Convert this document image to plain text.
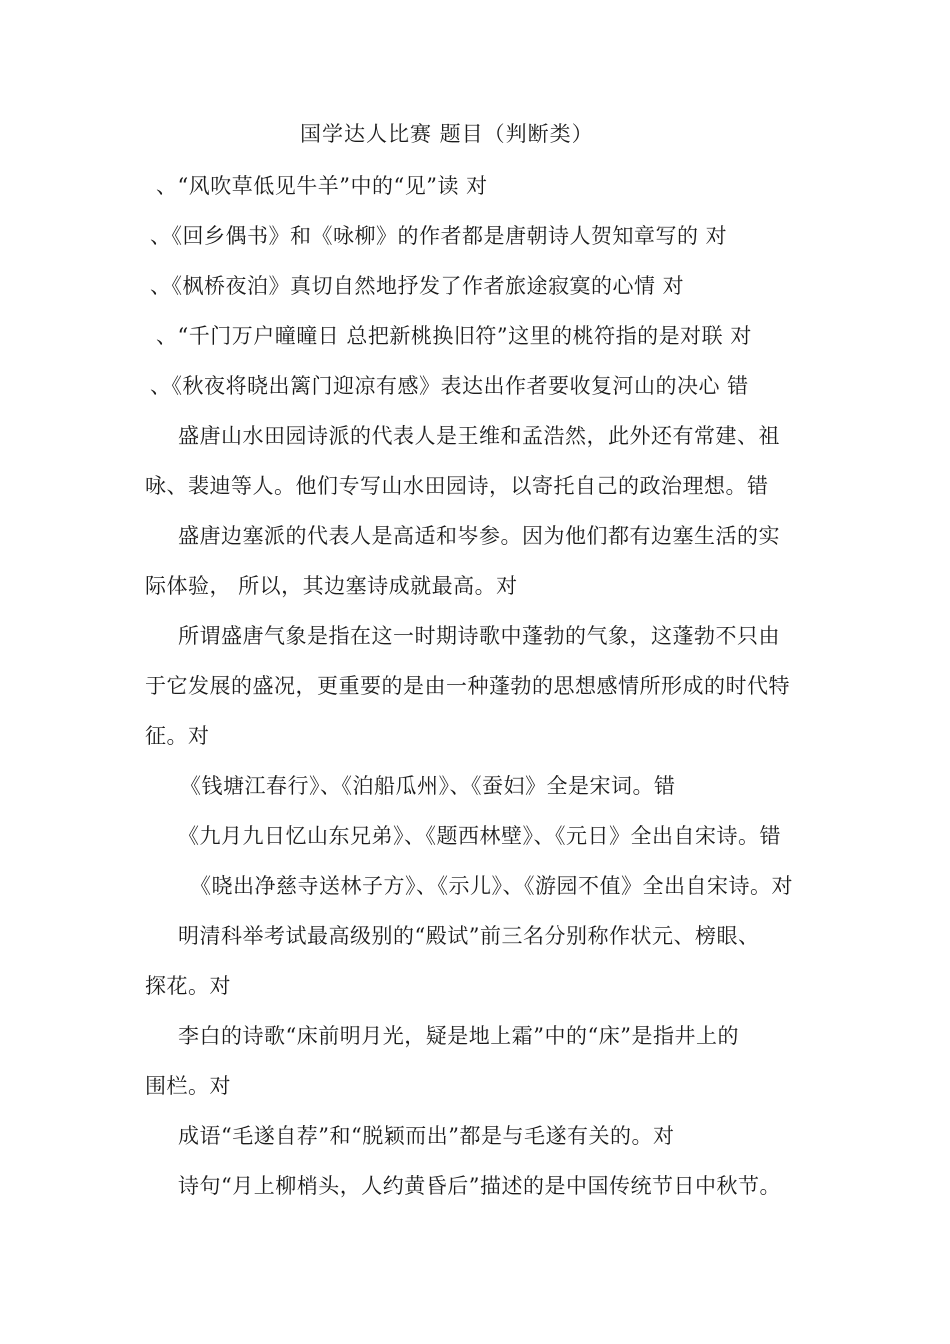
国学达人比赛 题目（判断类）
、“风吹草低见牛羊”中的“见”读 对
、《回乡偶书》和《咏柳》的作者都是唐朝诗人贺知章写的 对
、《枫桥夜泊》真切自然地抒发了作者旅途寂寞的心情 对
、“千门万户曈曈日 总把新桃换旧符”这里的桃符指的是对联 对
、《秋夜将晓出篱门迎凉有感》表达出作者要收复河山的决心 错
盛唐山水田园诗派的代表人是王维和孟浩然，此外还有常建、祖
咏、裴迪等人。他们专写山水田园诗，以寄托自己的政治理想。错
盛唐边塞派的代表人是高适和岑参。因为他们都有边塞生活的实
际体验， 所以，其边塞诗成就最高。对
所谓盛唐气象是指在这一时期诗歌中蓬勃的气象，这蓬勃不只由
于它发展的盛况，更重要的是由一种蓬勃的思想感情所形成的时代特
征。对
《钱塘江春行》、《泊船瓜州》、《蚕妇》全是宋词。错
《九月九日忆山东兄弟》、《题西林壁》、《元日》全出自宋诗。错
《晓出净慈寺送林子方》、《示儿》、《游园不值》全出自宋诗。对
明清科举考试最高级别的“殿试”前三名分别称作状元、榜眼、
探花。对
李白的诗歌“床前明月光，疑是地上霜”中的“床”是指井上的
围栏。对
成语“毛遂自荐”和“脱颖而出”都是与毛遂有关的。对
诗句“月上柳梢头，人约黄昏后”描述的是中国传统节日中秋节。
